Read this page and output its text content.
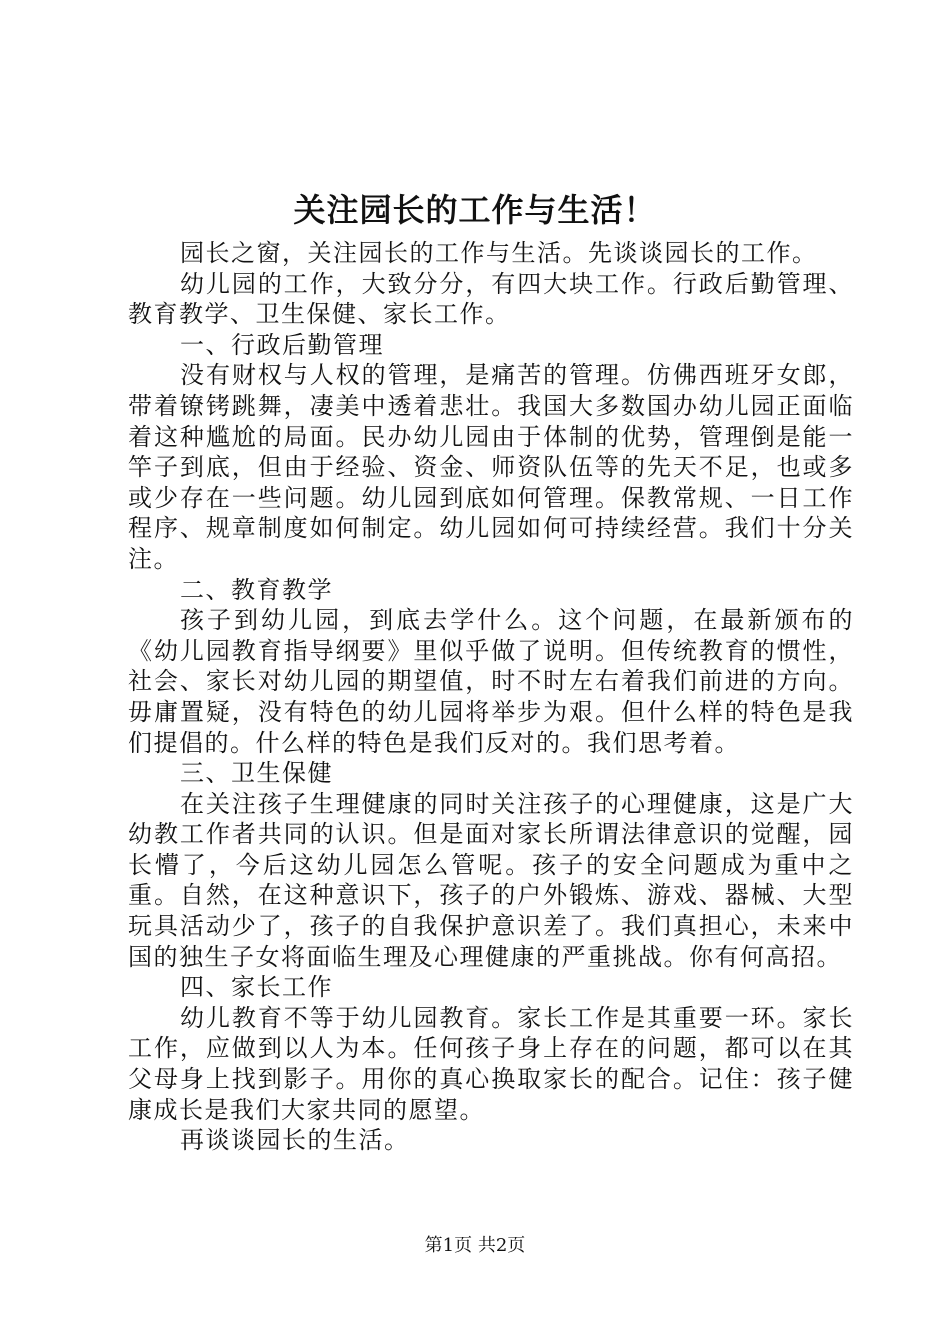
关注园长的工作与生活！

园长之窗，关注园长的工作与生活。先谈谈园长的工作。

幼儿园的工作，大致分分，有四大块工作。行政后勤管理、教育教学、卫生保健、家长工作。

一、行政后勤管理

没有财权与人权的管理，是痛苦的管理。仿佛西班牙女郎，带着镣铐跳舞，凄美中透着悲壮。我国大多数国办幼儿园正面临着这种尴尬的局面。民办幼儿园由于体制的优势，管理倒是能一竿子到底，但由于经验、资金、师资队伍等的先天不足，也或多或少存在一些问题。幼儿园到底如何管理。保教常规、一日工作程序、规章制度如何制定。幼儿园如何可持续经营。我们十分关注。

二、教育教学

孩子到幼儿园，到底去学什么。这个问题，在最新颁布的《幼儿园教育指导纲要》里似乎做了说明。但传统教育的惯性，社会、家长对幼儿园的期望值，时不时左右着我们前进的方向。毋庸置疑，没有特色的幼儿园将举步为艰。但什么样的特色是我们提倡的。什么样的特色是我们反对的。我们思考着。

三、卫生保健

在关注孩子生理健康的同时关注孩子的心理健康，这是广大幼教工作者共同的认识。但是面对家长所谓法律意识的觉醒，园长懵了，今后这幼儿园怎么管呢。孩子的安全问题成为重中之重。自然，在这种意识下，孩子的户外锻炼、游戏、器械、大型玩具活动少了，孩子的自我保护意识差了。我们真担心，未来中国的独生子女将面临生理及心理健康的严重挑战。你有何高招。

四、家长工作

幼儿教育不等于幼儿园教育。家长工作是其重要一环。家长工作，应做到以人为本。任何孩子身上存在的问题，都可以在其父母身上找到影子。用你的真心换取家长的配合。记住：孩子健康成长是我们大家共同的愿望。

再谈谈园长的生活。

第1页 共2页
